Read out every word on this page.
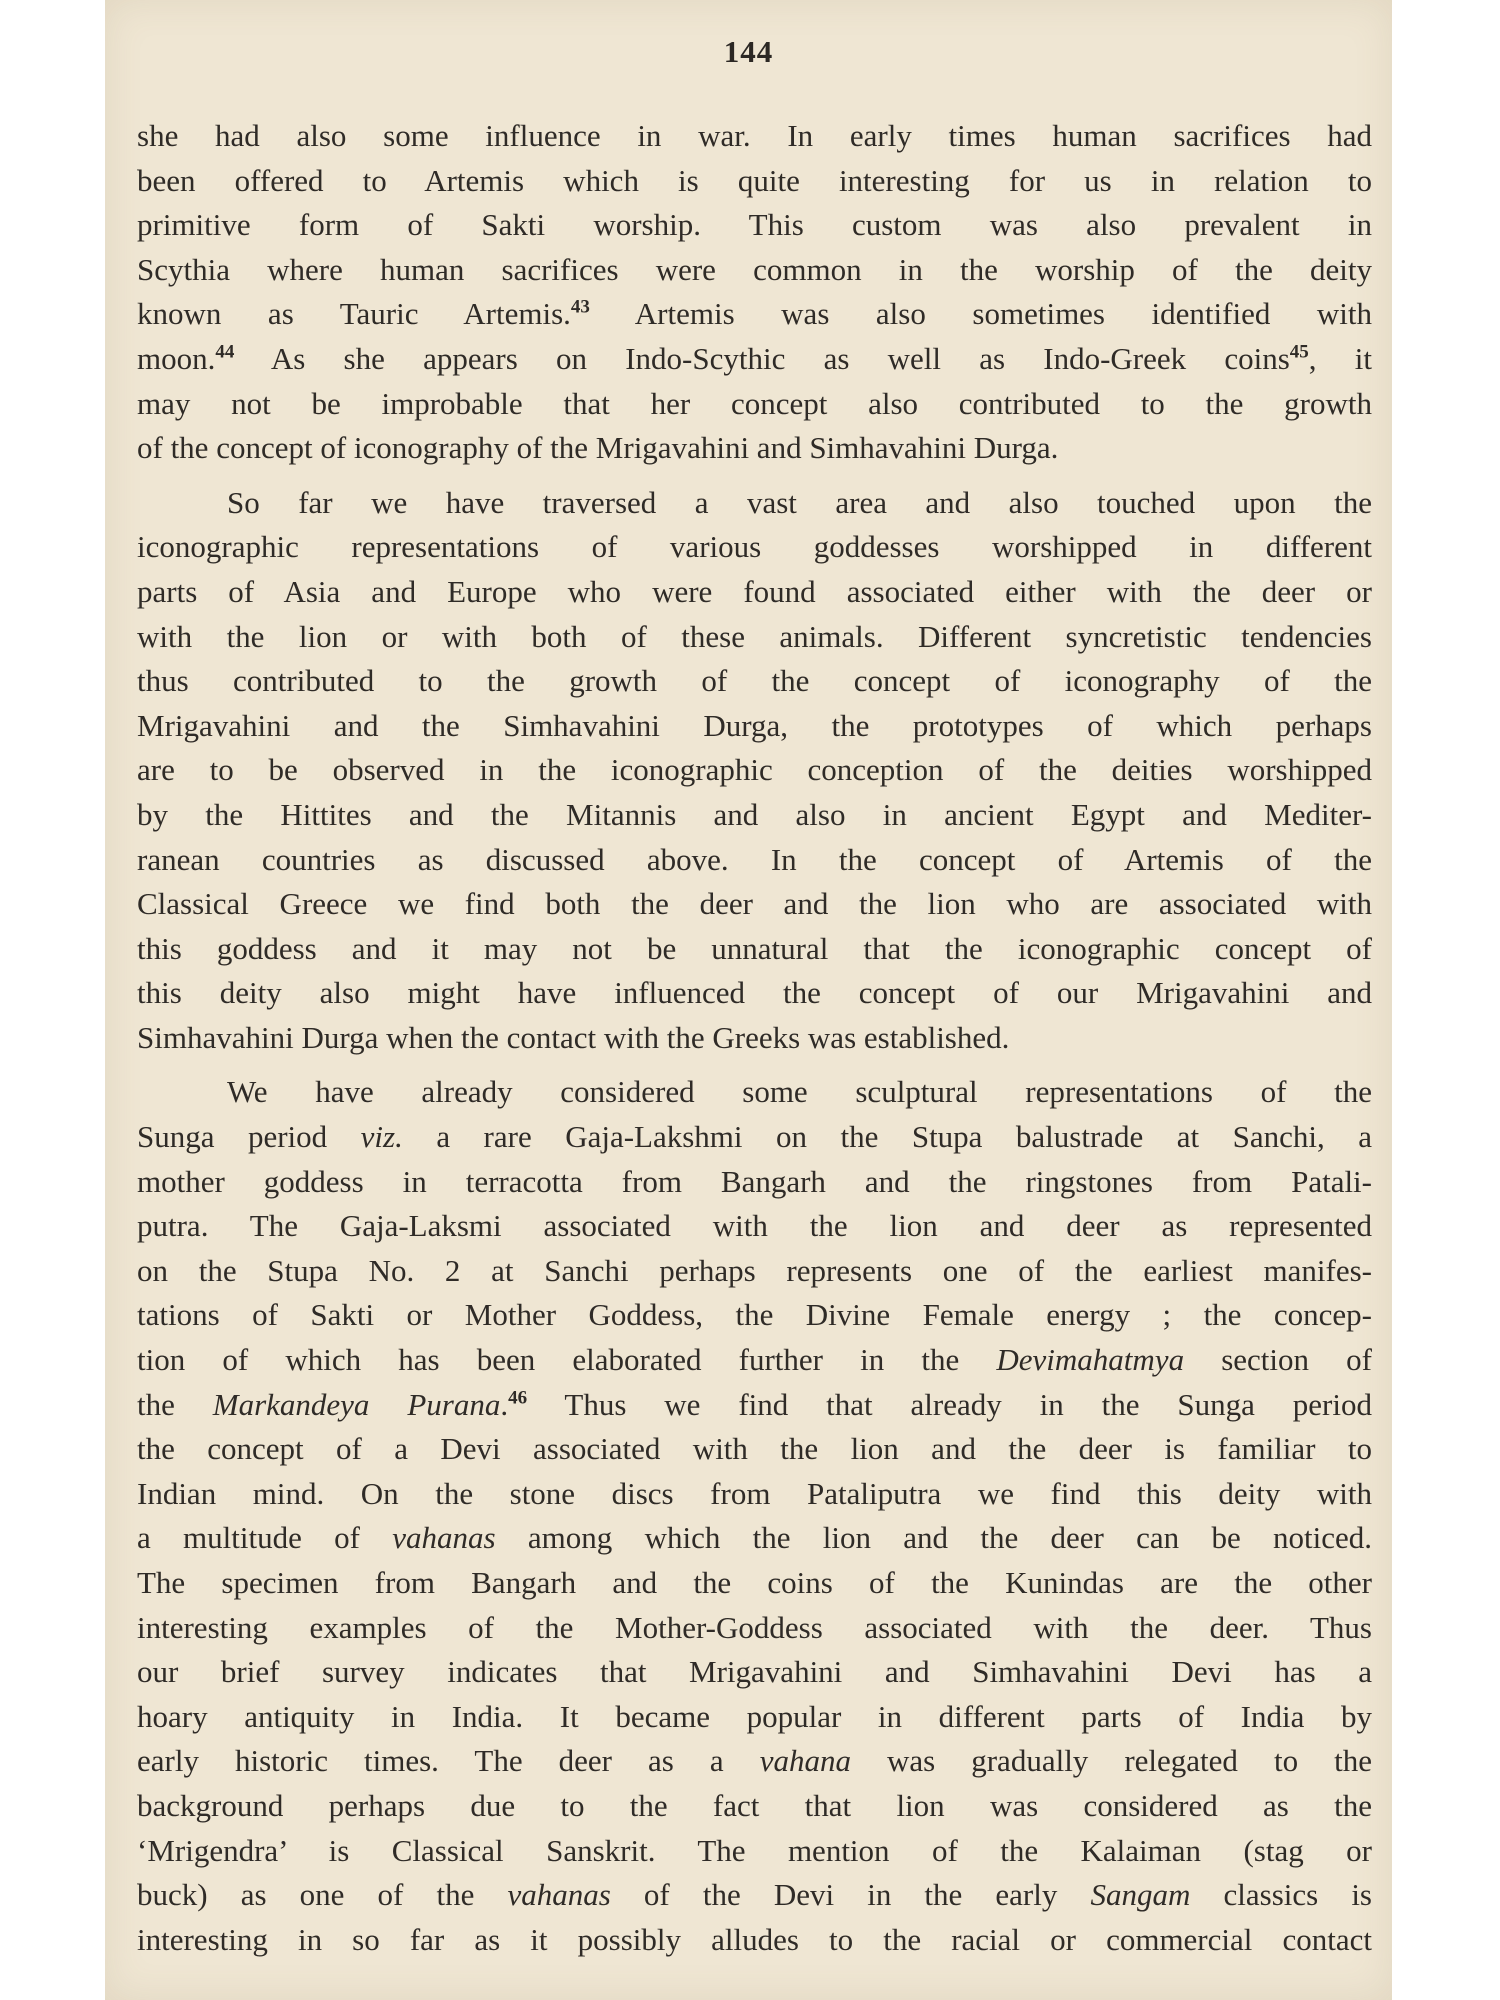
144
she had also some influence in war. In early times human sacrifices had
been offered to Artemis which is quite interesting for us in relation to
primitive form of Sakti worship. This custom was also prevalent in
Scythia where human sacrifices were common in the worship of the deity
known as Tauric Artemis.$^{43}$ Artemis was also sometimes identified with
moon.$^{44}$ As she appears on Indo-Scythic as well as Indo-Greek coins$^{45}$, it
may not be improbable that her concept also contributed to the growth
of the concept of iconography of the Mrigavahini and Simhavahini Durga.
So far we have traversed a vast area and also touched upon the
iconographic representations of various goddesses worshipped in different
parts of Asia and Europe who were found associated either with the deer or
with the lion or with both of these animals. Different syncretistic tendencies
thus contributed to the growth of the concept of iconography of the
Mrigavahini and the Simhavahini Durga, the prototypes of which perhaps
are to be observed in the iconographic conception of the deities worshipped
by the Hittites and the Mitannis and also in ancient Egypt and Mediter-
ranean countries as discussed above. In the concept of Artemis of the
Classical Greece we find both the deer and the lion who are associated with
this goddess and it may not be unnatural that the iconographic concept of
this deity also might have influenced the concept of our Mrigavahini and
Simhavahini Durga when the contact with the Greeks was established.
We have already considered some sculptural representations of the
Sunga period viz. a rare Gaja-Lakshmi on the Stupa balustrade at Sanchi, a
mother goddess in terracotta from Bangarh and the ringstones from Patali-
putra. The Gaja-Laksmi associated with the lion and deer as represented
on the Stupa No. 2 at Sanchi perhaps represents one of the earliest manifes-
tations of Sakti or Mother Goddess, the Divine Female energy ; the concep-
tion of which has been elaborated further in the Devimahatmya section of
the Markandeya Purana.$^{46}$ Thus we find that already in the Sunga period
the concept of a Devi associated with the lion and the deer is familiar to
Indian mind. On the stone discs from Pataliputra we find this deity with
a multitude of vahanas among which the lion and the deer can be noticed.
The specimen from Bangarh and the coins of the Kunindas are the other
interesting examples of the Mother-Goddess associated with the deer. Thus
our brief survey indicates that Mrigavahini and Simhavahini Devi has a
hoary antiquity in India. It became popular in different parts of India by
early historic times. The deer as a vahana was gradually relegated to the
background perhaps due to the fact that lion was considered as the
‘Mrigendra’ is Classical Sanskrit. The mention of the Kalaiman (stag or
buck) as one of the vahanas of the Devi in the early Sangam classics is
interesting in so far as it possibly alludes to the racial or commercial contact
